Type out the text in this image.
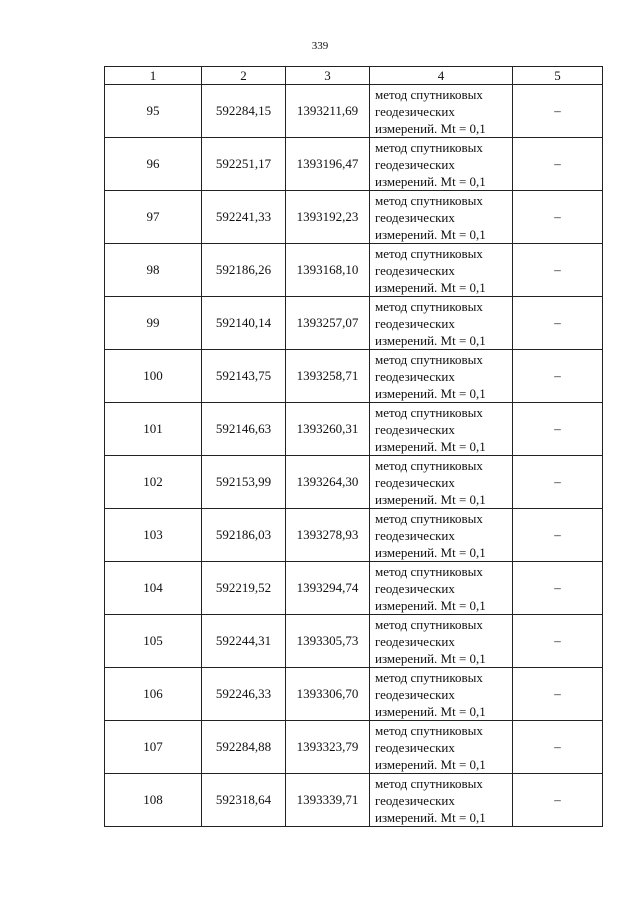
339
1	2	3	4	5
95	592284,15	1393211,69	метод спутниковых
геодезических
измерений. Mt = 0,1	–
96	592251,17	1393196,47	метод спутниковых
геодезических
измерений. Mt = 0,1	–
97	592241,33	1393192,23	метод спутниковых
геодезических
измерений. Mt = 0,1	–
98	592186,26	1393168,10	метод спутниковых
геодезических
измерений. Mt = 0,1	–
99	592140,14	1393257,07	метод спутниковых
геодезических
измерений. Mt = 0,1	–
100	592143,75	1393258,71	метод спутниковых
геодезических
измерений. Mt = 0,1	–
101	592146,63	1393260,31	метод спутниковых
геодезических
измерений. Mt = 0,1	–
102	592153,99	1393264,30	метод спутниковых
геодезических
измерений. Mt = 0,1	–
103	592186,03	1393278,93	метод спутниковых
геодезических
измерений. Mt = 0,1	–
104	592219,52	1393294,74	метод спутниковых
геодезических
измерений. Mt = 0,1	–
105	592244,31	1393305,73	метод спутниковых
геодезических
измерений. Mt = 0,1	–
106	592246,33	1393306,70	метод спутниковых
геодезических
измерений. Mt = 0,1	–
107	592284,88	1393323,79	метод спутниковых
геодезических
измерений. Mt = 0,1	–
108	592318,64	1393339,71	метод спутниковых
геодезических
измерений. Mt = 0,1	–
